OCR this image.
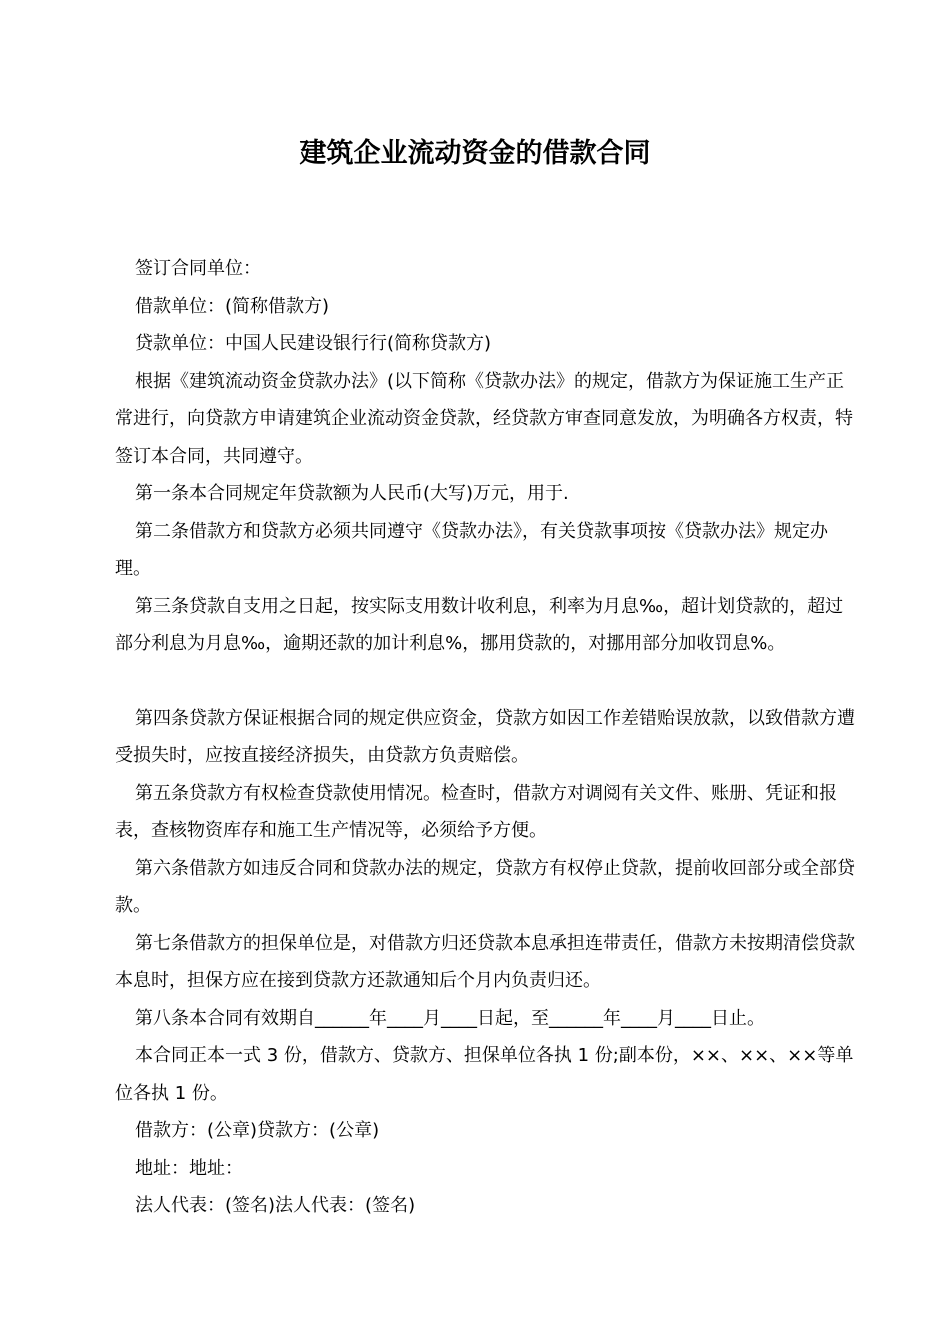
建筑企业流动资金的借款合同

签订合同单位：

借款单位：(简称借款方)

贷款单位：中国人民建设银行行(简称贷款方)

根据《建筑流动资金贷款办法》(以下简称《贷款办法》的规定，借款方为保证施工生产正常进行，向贷款方申请建筑企业流动资金贷款，经贷款方审查同意发放，为明确各方权责，特签订本合同，共同遵守。

第一条本合同规定年贷款额为人民币(大写)万元，用于.

第二条借款方和贷款方必须共同遵守《贷款办法》，有关贷款事项按《贷款办法》规定办理。

第三条贷款自支用之日起，按实际支用数计收利息，利率为月息‰，超计划贷款的，超过部分利息为月息‰，逾期还款的加计利息%，挪用贷款的，对挪用部分加收罚息%。

第四条贷款方保证根据合同的规定供应资金，贷款方如因工作差错贻误放款，以致借款方遭受损失时，应按直接经济损失，由贷款方负责赔偿。

第五条贷款方有权检查贷款使用情况。检查时，借款方对调阅有关文件、账册、凭证和报表，查核物资库存和施工生产情况等，必须给予方便。

第六条借款方如违反合同和贷款办法的规定，贷款方有权停止贷款，提前收回部分或全部贷款。

第七条借款方的担保单位是，对借款方归还贷款本息承担连带责任，借款方未按期清偿贷款本息时，担保方应在接到贷款方还款通知后个月内负责归还。

第八条本合同有效期自______年____月____日起，至______年____月____日止。

本合同正本一式 3 份，借款方、贷款方、担保单位各执 1 份;副本份，××、××、××等单位各执 1 份。

借款方：(公章)贷款方：(公章)

地址：地址：

法人代表：(签名)法人代表：(签名)
